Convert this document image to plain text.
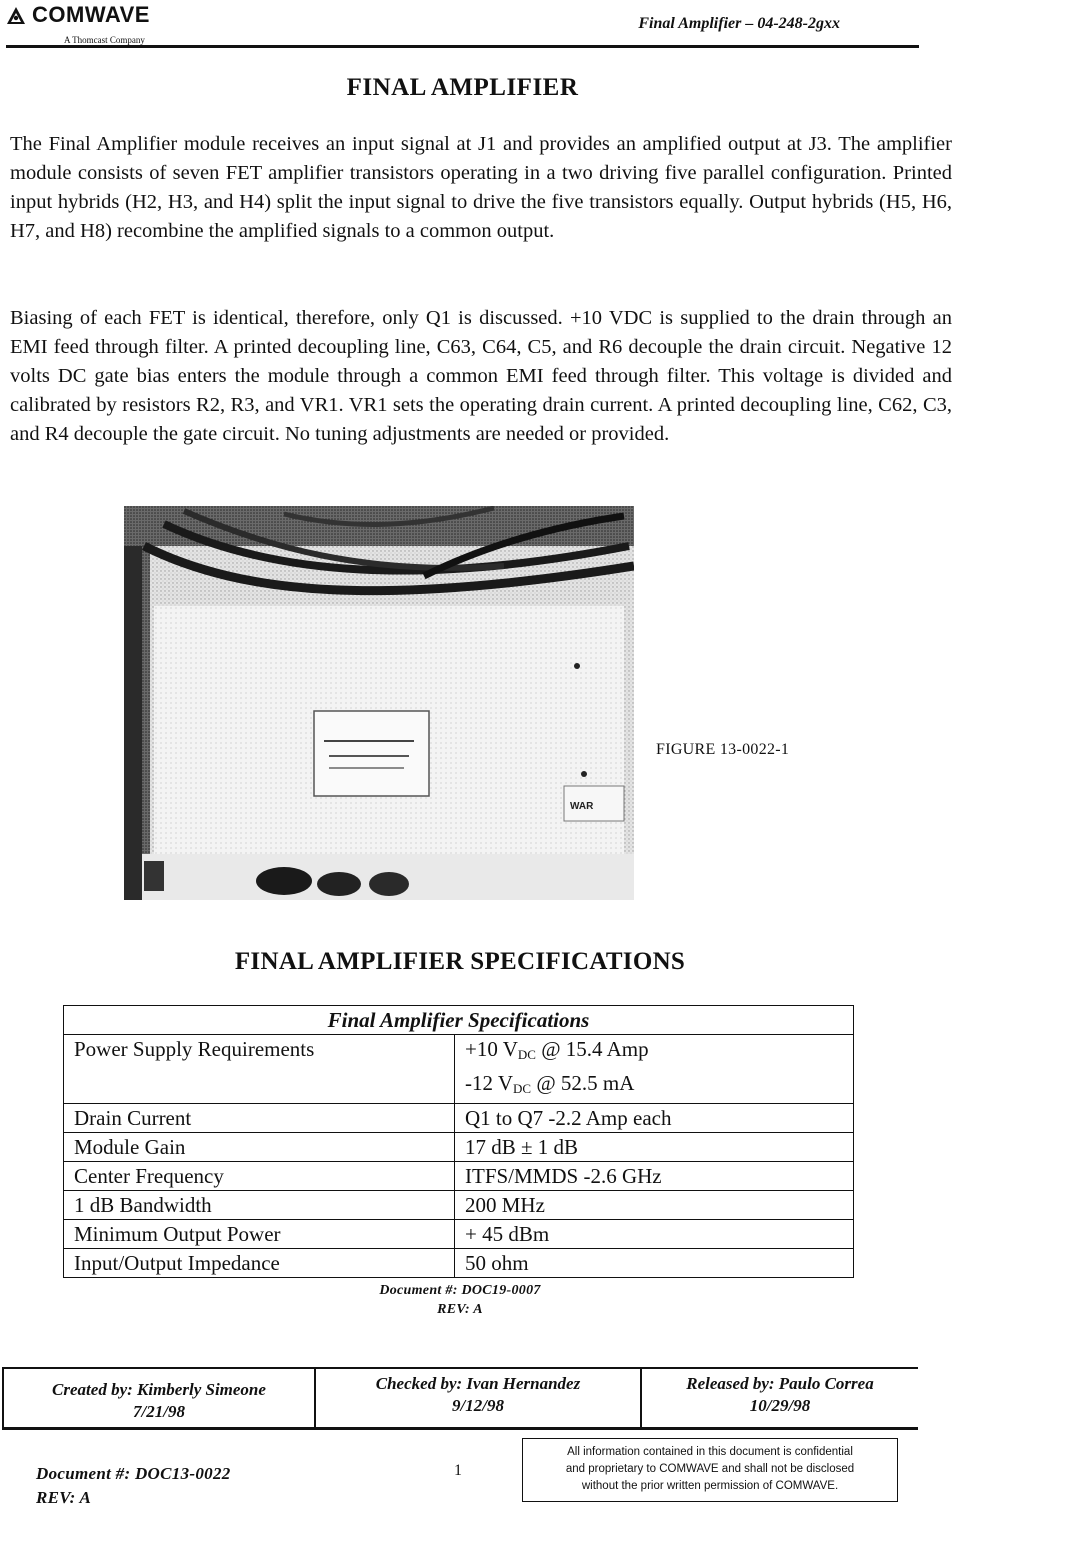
COMWAVE
A Thomcast Company
Final Amplifier – 04-248-2gxx
FINAL AMPLIFIER
The Final Amplifier module receives an input signal at J1 and provides an amplified output at J3. The amplifier module consists of seven FET amplifier transistors operating in a two driving five parallel configuration. Printed input hybrids (H2, H3, and H4) split the input signal to drive the five transistors equally. Output hybrids (H5, H6, H7, and H8) recombine the amplified signals to a common output.
Biasing of each FET is identical, therefore, only Q1 is discussed. +10 VDC is supplied to the drain through an EMI feed through filter. A printed decoupling line, C63, C64, C5, and R6 decouple the drain circuit. Negative 12 volts DC gate bias enters the module through a common EMI feed through filter. This voltage is divided and calibrated by resistors R2, R3, and VR1. VR1 sets the operating drain current. A printed decoupling line, C62, C3, and R4 decouple the gate circuit. No tuning adjustments are needed or provided.
WAR
FIGURE 13-0022-1
FINAL AMPLIFIER SPECIFICATIONS
Final Amplifier Specifications	
Power Supply Requirements	+10 $V_{DC}$ @ 15.4 Amp
-12 $V_{DC}$ @ 52.5 mA

Drain Current	Q1 to Q7 -2.2 Amp each
Module Gain	17 dB ± 1 dB
Center Frequency	ITFS/MMDS -2.6 GHz
1 dB Bandwidth	200 MHz
Minimum Output Power	+ 45 dBm
Input/Output Impedance	50 ohm
Document #: DOC19-0007
REV: A
Created by: Kimberly Simeone
7/21/98
Checked by: Ivan Hernandez
9/12/98
Released by: Paulo Correa
10/29/98
Document #: DOC13-0022
REV: A
1
All information contained in this document is confidential
and proprietary to COMWAVE and shall not be disclosed
without the prior written permission of COMWAVE.
